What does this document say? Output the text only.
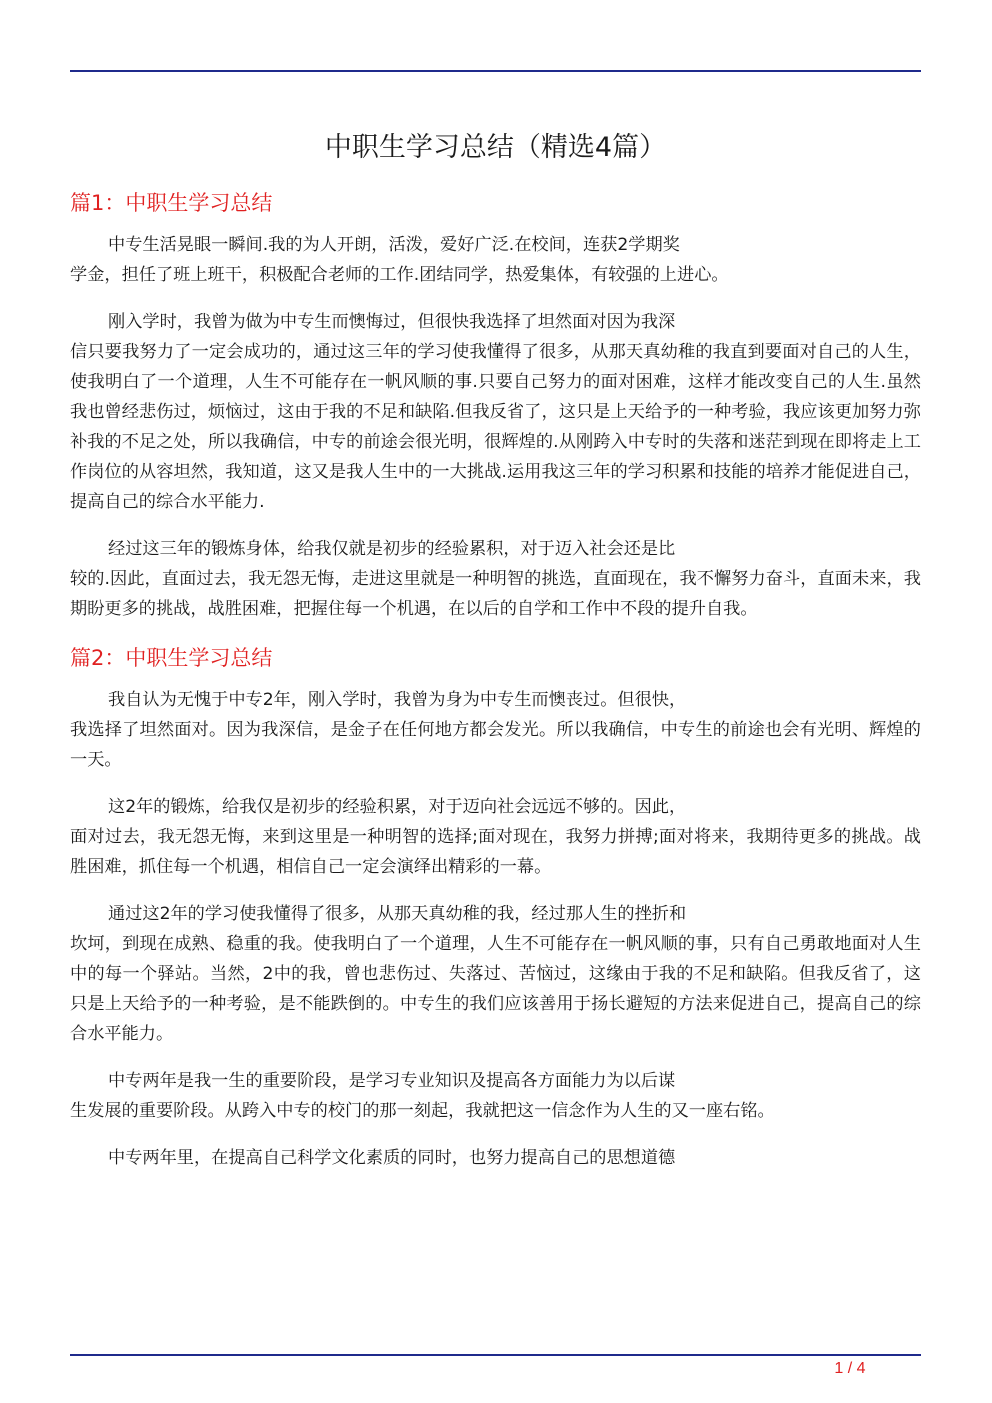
中职生学习总结（精选4篇）
篇1：中职生学习总结
中专生活晃眼一瞬间.我的为人开朗，活泼，爱好广泛.在校间，连获2学期奖
学金，担任了班上班干，积极配合老师的工作.团结同学，热爱集体，有较强的上进心。
刚入学时，我曾为做为中专生而懊悔过，但很快我选择了坦然面对因为我深
信只要我努力了一定会成功的，通过这三年的学习使我懂得了很多，从那天真幼稚的我直到要面对自己的人生，使我明白了一个道理，人生不可能存在一帆风顺的事.只要自己努力的面对困难，这样才能改变自己的人生.虽然我也曾经悲伤过，烦恼过，这由于我的不足和缺陷.但我反省了，这只是上天给予的一种考验，我应该更加努力弥补我的不足之处，所以我确信，中专的前途会很光明，很辉煌的.从刚跨入中专时的失落和迷茫到现在即将走上工作岗位的从容坦然，我知道，这又是我人生中的一大挑战.运用我这三年的学习积累和技能的培养才能促进自己，提高自己的综合水平能力.
经过这三年的锻炼身体，给我仅就是初步的经验累积，对于迈入社会还是比
较的.因此，直面过去，我无怨无悔，走进这里就是一种明智的挑选，直面现在，我不懈努力奋斗，直面未来，我期盼更多的挑战，战胜困难，把握住每一个机遇，在以后的自学和工作中不段的提升自我。
篇2：中职生学习总结
我自认为无愧于中专2年，刚入学时，我曾为身为中专生而懊丧过。但很快，
我选择了坦然面对。因为我深信，是金子在任何地方都会发光。所以我确信，中专生的前途也会有光明、辉煌的一天。
这2年的锻炼，给我仅是初步的经验积累，对于迈向社会远远不够的。因此，
面对过去，我无怨无悔，来到这里是一种明智的选择;面对现在，我努力拼搏;面对将来，我期待更多的挑战。战胜困难，抓住每一个机遇，相信自己一定会演绎出精彩的一幕。
通过这2年的学习使我懂得了很多，从那天真幼稚的我，经过那人生的挫折和
坎坷，到现在成熟、稳重的我。使我明白了一个道理，人生不可能存在一帆风顺的事，只有自己勇敢地面对人生中的每一个驿站。当然，2中的我，曾也悲伤过、失落过、苦恼过，这缘由于我的不足和缺陷。但我反省了，这只是上天给予的一种考验，是不能跌倒的。中专生的我们应该善用于扬长避短的方法来促进自己，提高自己的综合水平能力。
中专两年是我一生的重要阶段，是学习专业知识及提高各方面能力为以后谋
生发展的重要阶段。从跨入中专的校门的那一刻起，我就把这一信念作为人生的又一座右铭。
中专两年里，在提高自己科学文化素质的同时，也努力提高自己的思想道德
1 / 4
